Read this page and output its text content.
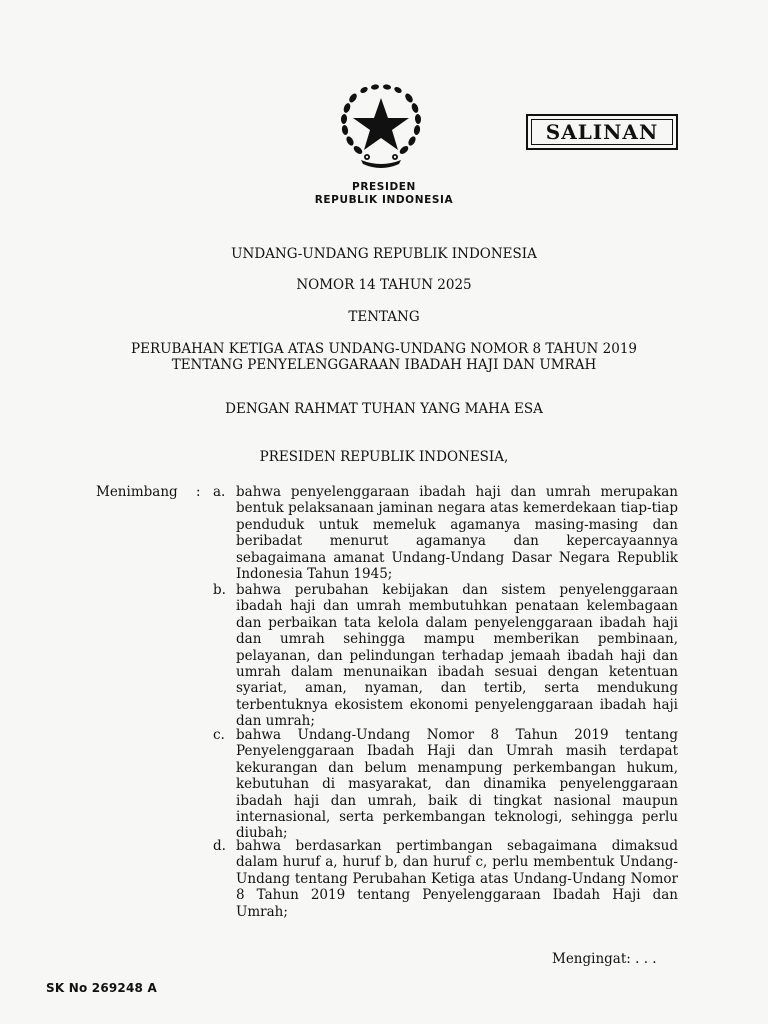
SALINAN
PRESIDEN
REPUBLIK INDONESIA
UNDANG-UNDANG REPUBLIK INDONESIA
NOMOR 14 TAHUN 2025
TENTANG
PERUBAHAN KETIGA ATAS UNDANG-UNDANG NOMOR 8 TAHUN 2019
TENTANG PENYELENGGARAAN IBADAH HAJI DAN UMRAH
DENGAN RAHMAT TUHAN YANG MAHA ESA
PRESIDEN REPUBLIK INDONESIA,
Menimbang : a. bahwa penyelenggaraan ibadah haji dan umrah merupakan bentuk pelaksanaan jaminan negara atas kemerdekaan tiap-tiap penduduk untuk memeluk agamanya masing-masing dan beribadat menurut agamanya dan kepercayaannya sebagaimana amanat Undang-Undang Dasar Negara Republik Indonesia Tahun 1945;
b. bahwa perubahan kebijakan dan sistem penyelenggaraan ibadah haji dan umrah membutuhkan penataan kelembagaan dan perbaikan tata kelola dalam penyelenggaraan ibadah haji dan umrah sehingga mampu memberikan pembinaan, pelayanan, dan pelindungan terhadap jemaah ibadah haji dan umrah dalam menunaikan ibadah sesuai dengan ketentuan syariat, aman, nyaman, dan tertib, serta mendukung terbentuknya ekosistem ekonomi penyelenggaraan ibadah haji dan umrah;
c. bahwa Undang-Undang Nomor 8 Tahun 2019 tentang Penyelenggaraan Ibadah Haji dan Umrah masih terdapat kekurangan dan belum menampung perkembangan hukum, kebutuhan di masyarakat, dan dinamika penyelenggaraan ibadah haji dan umrah, baik di tingkat nasional maupun internasional, serta perkembangan teknologi, sehingga perlu diubah;
d. bahwa berdasarkan pertimbangan sebagaimana dimaksud dalam huruf a, huruf b, dan huruf c, perlu membentuk Undang-Undang tentang Perubahan Ketiga atas Undang-Undang Nomor 8 Tahun 2019 tentang Penyelenggaraan Ibadah Haji dan Umrah;
Mengingat: . . .
SK No 269248 A
